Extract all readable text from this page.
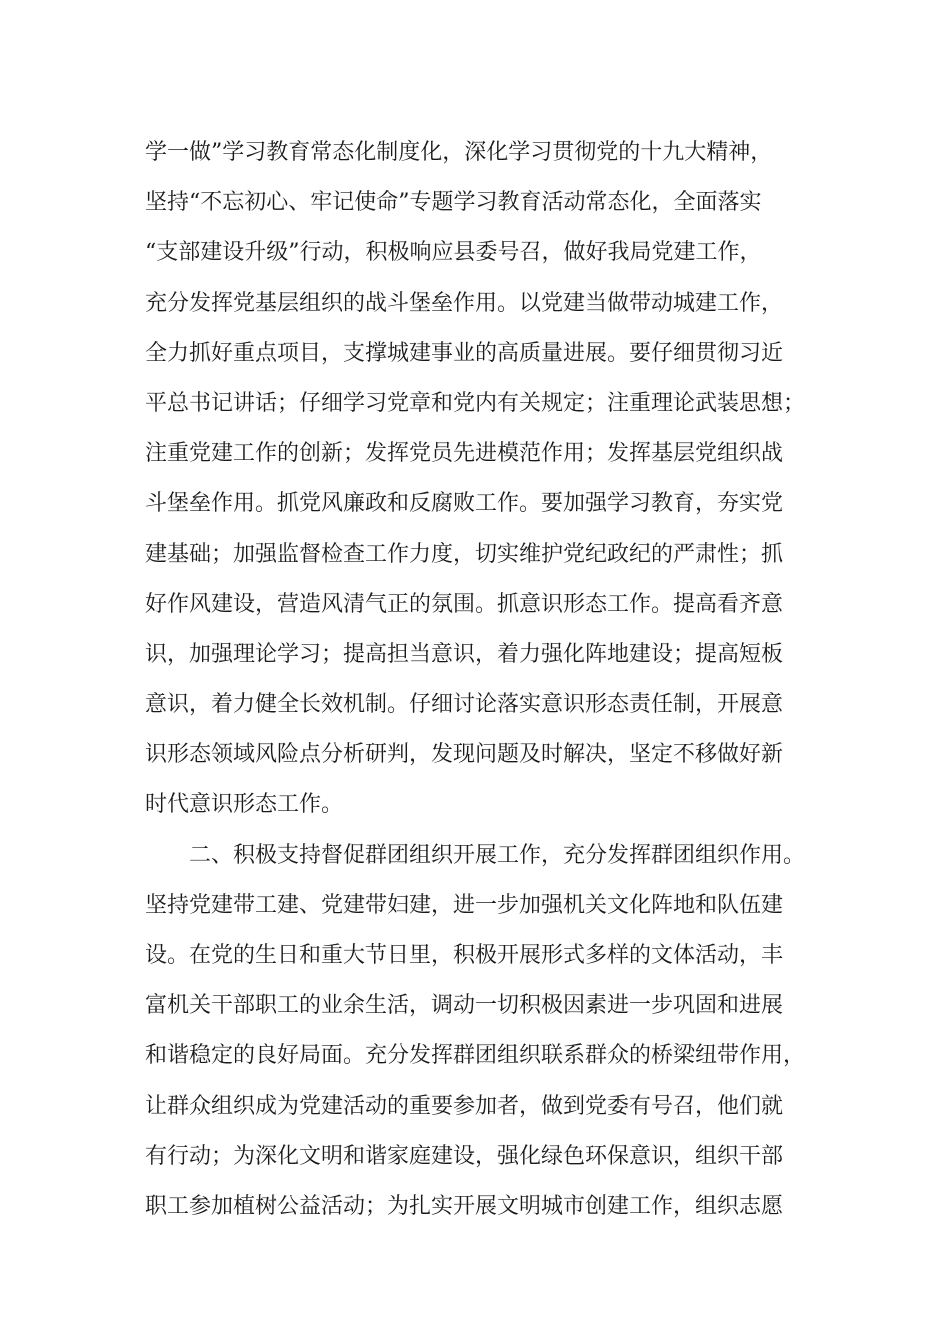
学一做”学习教育常态化制度化，深化学习贯彻党的十九大精神，
坚持“不忘初心、牢记使命”专题学习教育活动常态化，全面落实
“支部建设升级”行动，积极响应县委号召，做好我局党建工作，
充分发挥党基层组织的战斗堡垒作用。以党建当做带动城建工作，
全力抓好重点项目，支撑城建事业的高质量进展。要仔细贯彻习近
平总书记讲话；仔细学习党章和党内有关规定；注重理论武装思想；
注重党建工作的创新；发挥党员先进模范作用；发挥基层党组织战
斗堡垒作用。抓党风廉政和反腐败工作。要加强学习教育，夯实党
建基础；加强监督检查工作力度，切实维护党纪政纪的严肃性；抓
好作风建设，营造风清气正的氛围。抓意识形态工作。提高看齐意
识，加强理论学习；提高担当意识，着力强化阵地建设；提高短板
意识，着力健全长效机制。仔细讨论落实意识形态责任制，开展意
识形态领域风险点分析研判，发现问题及时解决，坚定不移做好新
时代意识形态工作。
二、积极支持督促群团组织开展工作，充分发挥群团组织作用。
坚持党建带工建、党建带妇建，进一步加强机关文化阵地和队伍建
设。在党的生日和重大节日里，积极开展形式多样的文体活动，丰
富机关干部职工的业余生活，调动一切积极因素进一步巩固和进展
和谐稳定的良好局面。充分发挥群团组织联系群众的桥梁纽带作用，
让群众组织成为党建活动的重要参加者，做到党委有号召，他们就
有行动；为深化文明和谐家庭建设，强化绿色环保意识，组织干部
职工参加植树公益活动；为扎实开展文明城市创建工作，组织志愿
